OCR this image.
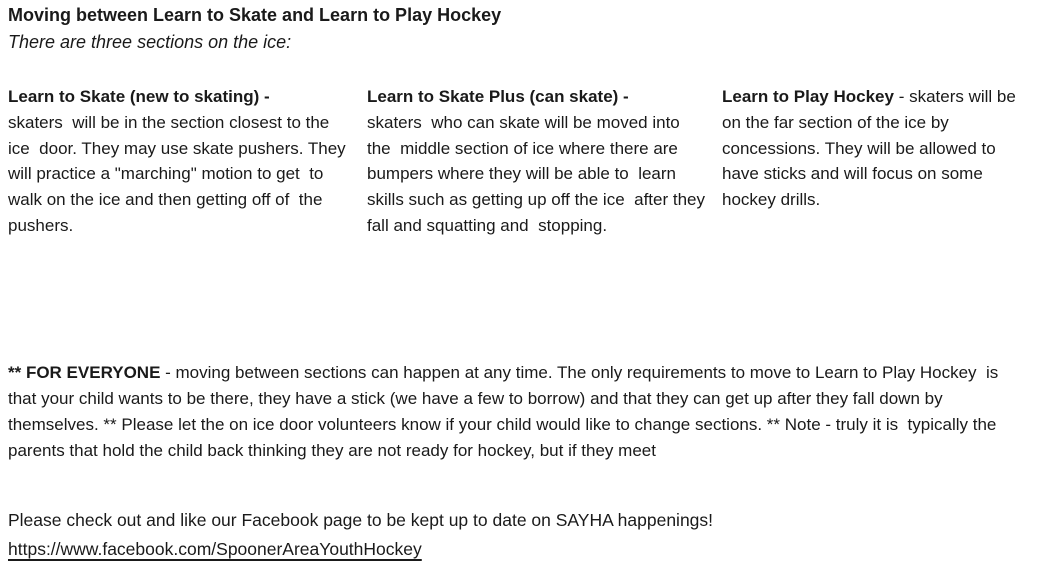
Moving between Learn to Skate and Learn to Play Hockey
There are three sections on the ice:
Learn to Skate (new to skating) -
skaters  will be in the section closest to the ice  door. They may use skate pushers. They  will practice a "marching" motion to get  to walk on the ice and then getting off of  the pushers.
Learn to Skate Plus (can skate) -
skaters  who can skate will be moved into the  middle section of ice where there are  bumpers where they will be able to  learn skills such as getting up off the ice  after they fall and squatting and  stopping.
Learn to Play Hockey - skaters will be  on the far section of the ice by  concessions. They will be allowed to  have sticks and will focus on some  hockey drills.
** FOR EVERYONE - moving between sections can happen at any time. The only requirements to move to Learn to Play Hockey  is that your child wants to be there, they have a stick (we have a few to borrow) and that they can get up after they fall down by  themselves. ** Please let the on ice door volunteers know if your child would like to change sections. ** Note - truly it is  typically the parents that hold the child back thinking they are not ready for hockey, but if they meet
Please check out and like our Facebook page to be kept up to date on SAYHA happenings!
https://www.facebook.com/SpoonerAreaYouthHockey
